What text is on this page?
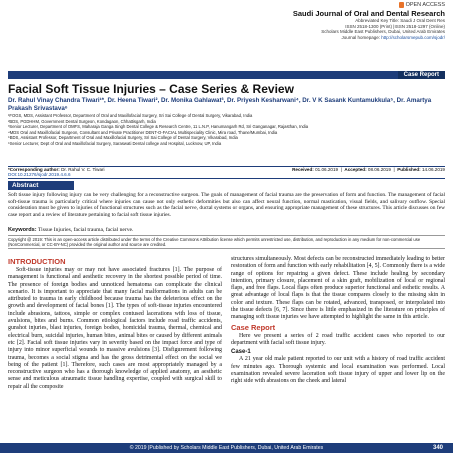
OPEN ACCESS
Saudi Journal of Oral and Dental Research
Abbreviated Key Title: Saudi J Oral Dent Res
ISSN 2518-1300 (Print) |ISSN 2518-1297 (Online)
Scholars Middle East Publishers, Dubai, United Arab Emirates
Journal homepage: http://scholarsmepub.com/sjodr/
Case Report
Facial Soft Tissue Injuries – Case Series & Review
Dr. Rahul Vinay Chandra Tiwari¹*, Dr. Heena Tiwari², Dr. Monika Gahlawat³, Dr. Priyesh Kesharwani⁴, Dr. V K Sasank Kuntamukkula⁵, Dr. Amartya Prakash Srivastava⁶
¹FOGS, MDS, Assistant Professor, Department of Oral and Maxillofacial Surgery, Sri Sai College of Dental Surgery, Vikarabad, India
²BDS, PGDHHM, Government Dental Surgeon, Kondagaon, Chhattisgarh, India
³Senior Lecturer, Department of OMFS, Maharaja Ganga Singh Dental College & Research Centre, 11 L.N.P, Hanumangarh Rd, Sri Ganganagar, Rajasthan, India
⁴MDS Oral and Maxillofacial Surgeon, Consultant and Private Practitioner DENT-O-FACIAL Multispeciality Clinic, Mira road, Thane/Mumbai, India
⁵BDS, Assistant Professor, Department of Oral and Maxillofacial Surgery, Sri Sai College of Dental Surgery, Vikarabad, India
⁶Senior Lecturer, Dept of Oral and Maxillofacial Surgery, Saraswati Dental college and Hospital, Lucknow, UP, India
*Corresponding author: Dr. Rahul V. C. Tiwari
DOI:10.21276/sjodr.2019.4.6.6
Received: 01.06.2019  |  Accepted: 08.06.2019  |  Published: 14.06.2019
Abstract
Soft tissue injury following injury can be very challenging for a reconstructive surgeon. The goals of management of facial trauma are the preservation of form and function. The management of facial soft-tissue trauma is particularly critical where injuries can cause not only esthetic deformities but also can affect neural function, normal mastication, visual fields, and salivary outflow. Special consideration must be given to injuries of functional structures such as the facial nerve, ductal systems or organs, and ensuring appropriate management of these structures. This article discusses on few case report and a review of literature pertaining to facial soft tissue injuries.
Keywords: Tissue Injuries, facial trauma, facial nerve.
Copyright @ 2019: This is an open-access article distributed under the terms of the Creative Commons Attribution license which permits unrestricted use, distribution, and reproduction in any medium for non-commercial use (NonCommercial, or CC-BY-NC) provided the original author and source are credited.
INTRODUCTION

Soft-tissue injuries may or may not have associated fractures [1]. The purpose of management is functional and aesthetic recovery in the shortest possible period of time. The presence of foreign bodies and unnoticed hematoma can complicate the clinical scenario. It is important to appreciate that many facial malformations in adults can be attributed to trauma in early childhood because trauma has the deleterious effect on the growth and development of facial bones [1]. The types of soft-tissue injuries encountered include abrasions, tattoos, simple or complex contused lacerations with loss of tissue, avulsions, bites and burns. Common etiological factors include road traffic accidents, gunshot injuries, blast injuries, foreign bodies, homicidal trauma, thermal, chemical and electrical burn, suicidal injuries, human bites, animal bites or caused by different animals etc [2]. Facial soft tissue injuries vary in severity based on the impact force and type of injury into minor superficial wounds to massive avulsions [3]. Disfigurement following trauma, becomes a social stigma and has the gross detrimental effect on the social we being of the patient [1]. Therefore, such cases are most appropriately managed by a reconstructive surgeon who has a thorough knowledge of applied anatomy, an aesthetic sense and meticulous atraumatic tissue handling expertise, coupled with surgical skill to repair all the composite

structures simultaneously. Most defects can be reconstructed immediately leading to better restoration of form and function with early rehabilitation [4, 5]. Commonly there is a wide range of options for repairing a given defect. These include healing by secondary intention, primary closure, placement of a skin graft, mobilization of local or regional flaps, and free flaps. Local flaps often produce superior functional and esthetic results. A great advantage of local flaps is that the tissue compares closely to the missing skin in color and texture. These flaps can be rotated, advanced, transposed, or interpolated into the tissue defects [6, 7]. Since there is little emphasized in the literature on principles of managing soft tissue injuries we have attempted to highlight the same in this article.

Case Report

Here we present a series of 2 road traffic accident cases who reported to our department with facial soft tissue injury.

Case-1

A 21 year old male patient reported to our unit with a history of road traffic accident few minutes ago. Thorough systemic and local examination was performed. Local examination revealed severe laceration soft tissue injury of upper and lower lip on the right side with abrasions on the cheek and lateral

© 2019 |Published by Scholars Middle East Publishers, Dubai, United Arab Emirates	340
